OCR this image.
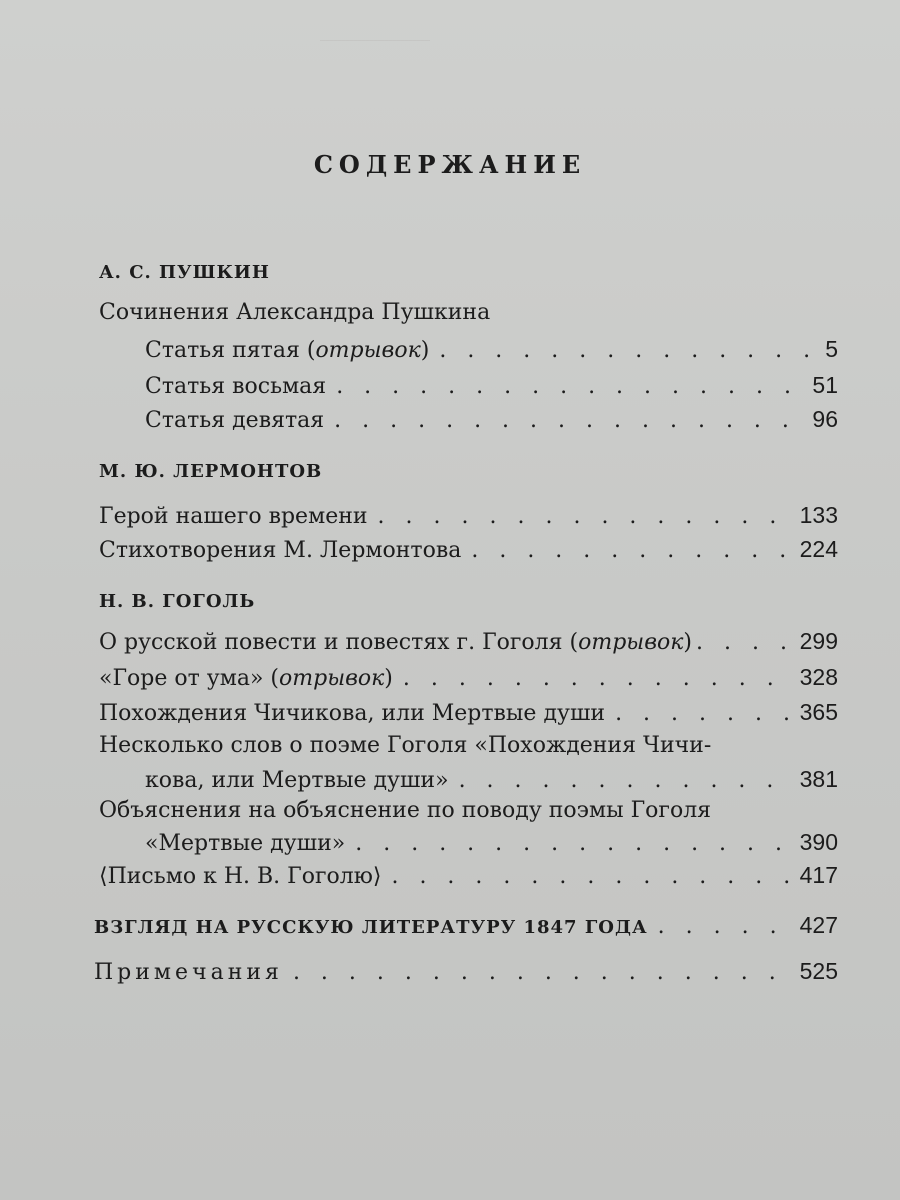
СОДЕРЖАНИЕ
А. С. ПУШКИН
Сочинения Александра Пушкина
Статья пятая (отрывок) . . .	5
Статья восьмая . . .	51
Статья девятая . . .	96
М. Ю. ЛЕРМОНТОВ
Герой нашего времени . . .	133
Стихотворения М. Лермонтова . . .	224
Н. В. ГОГОЛЬ
О русской повести и повестях г. Гоголя (отрывок) . . .	299
«Горе от ума» (отрывок) . . .	328
Похождения Чичикова, или Мертвые души . . .	365
Несколько слов о поэме Гоголя «Похождения Чичи-
кова, или Мертвые души» . . .	381
Объяснения на объяснение по поводу поэмы Гоголя
«Мертвые души» . . .	390
⟨Письмо к Н. В. Гоголю⟩ . . .	417
ВЗГЛЯД НА РУССКУЮ ЛИТЕРАТУРУ 1847 ГОДА . . .	427
Примечания . . .	525
